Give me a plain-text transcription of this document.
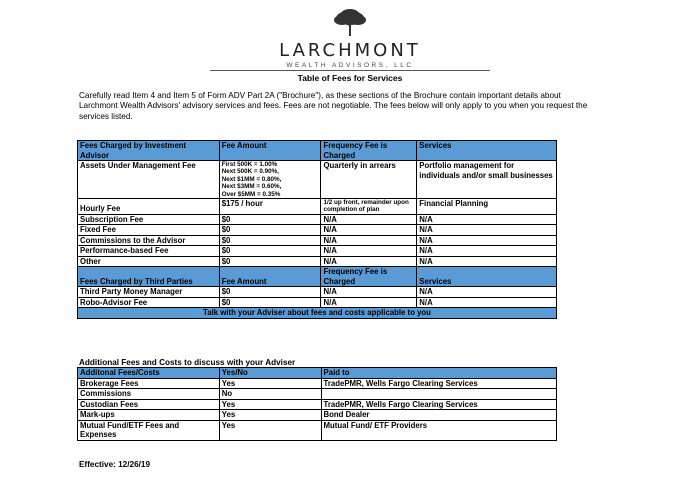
LARCHMONT
WEALTH ADVISORS, LLC
Table of Fees for Services
Carefully read Item 4 and Item 5 of Form ADV Part 2A ("Brochure"), as these sections of the Brochure contain important details about Larchmont Wealth Advisors' advisory services and fees. Fees are not negotiable. The fees below will only apply to you when you request the services listed.
Fees Charged by Investment Advisor	Fee Amount	Frequency Fee is Charged	Services
Assets Under Management Fee	First 500K = 1.00%
Next 500K = 0.90%,
Next $1MM = 0.80%,
Next $3MM = 0.60%,
Over $5MM = 0.35%	Quarterly in arrears	Portfolio management for individuals and/or small businesses
Hourly Fee	$175 / hour	1/2 up front, remainder upon completion of plan	Financial Planning
Subscription Fee	$0	N/A	N/A
Fixed Fee	$0	N/A	N/A
Commissions to the Advisor	$0	N/A	N/A
Performance-based Fee	$0	N/A	N/A
Other	$0	N/A	N/A
Fees Charged by Third Parties	Fee Amount	Frequency Fee is Charged	Services
Third Party Money Manager	$0	N/A	N/A
Robo-Advisor Fee	$0	N/A	N/A
Talk with your Adviser about fees and costs applicable to you			
Additional Fees and Costs to discuss with your Adviser
Additonal Fees/Costs	Yes/No	Paid to
Brokerage Fees	Yes	TradePMR, Wells Fargo Clearing Services
Commissions	No	
Custodian Fees	Yes	TradePMR, Wells Fargo Clearing Services
Mark-ups	Yes	Bond Dealer
Mutual Fund/ETF Fees and Expenses	Yes	Mutual Fund/ ETF Providers
Effective: 12/26/19
